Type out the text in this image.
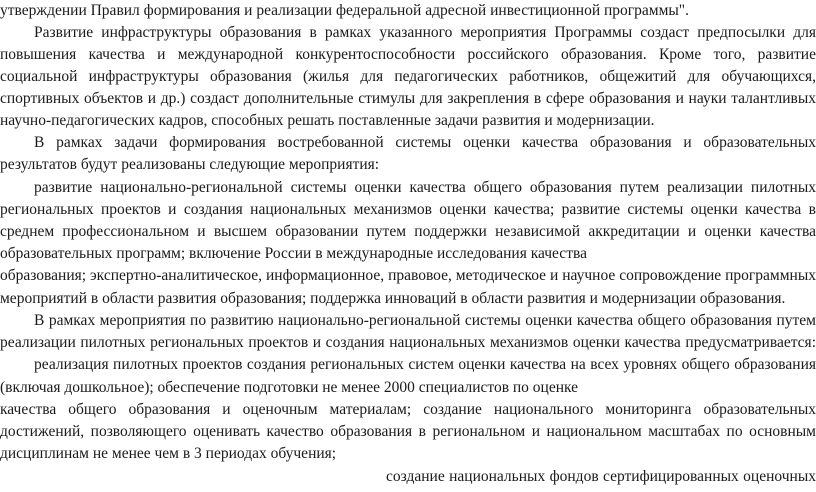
утверждении Правил формирования и реализации федеральной адресной инвестиционной программы".
Развитие инфраструктуры образования в рамках указанного мероприятия Программы создаст предпосылки для
повышения качества и международной конкурентоспособности российского образования. Кроме того, развитие
социальной инфраструктуры образования (жилья для педагогических работников, общежитий для обучающихся,
спортивных объектов и др.) создаст дополнительные стимулы для закрепления в сфере образования и науки талантливых
научно-педагогических кадров, способных решать поставленные задачи развития и модернизации.
В рамках задачи формирования востребованной системы оценки качества образования и образовательных
результатов будут реализованы следующие мероприятия:
развитие национально-региональной системы оценки качества общего образования путем реализации пилотных
региональных проектов и создания национальных механизмов оценки качества; развитие системы оценки качества в
среднем профессиональном и высшем образовании путем поддержки независимой аккредитации и оценки качества
образовательных программ; включение России в международные исследования качества
образования; экспертно-аналитическое, информационное, правовое, методическое и научное сопровождение программных
мероприятий в области развития образования; поддержка инноваций в области развития и модернизации образования.
В рамках мероприятия по развитию национально-региональной системы оценки качества общего образования путем
реализации пилотных региональных проектов и создания национальных механизмов оценки качества предусматривается:
реализация пилотных проектов создания региональных систем оценки качества на всех уровнях общего образования
(включая дошкольное); обеспечение подготовки не менее 2000 специалистов по оценке
качества общего образования и оценочным материалам; создание национального мониторинга образовательных
достижений, позволяющего оценивать качество образования в региональном и национальном масштабах по основным
дисциплинам не менее чем в 3 периодах обучения;
создание национальных фондов сертифицированных оценочных
